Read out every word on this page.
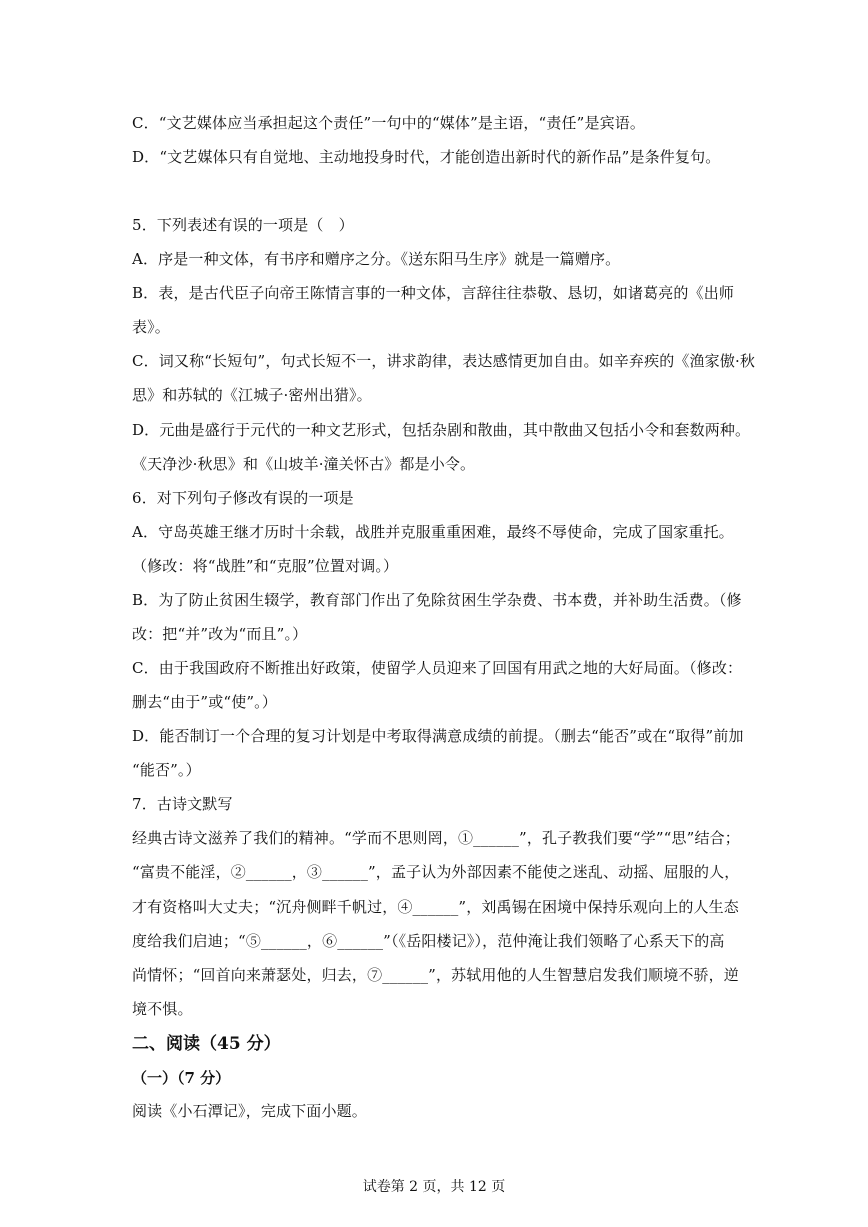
C．“文艺媒体应当承担起这个责任”一句中的“媒体”是主语，“责任”是宾语。
D．“文艺媒体只有自觉地、主动地投身时代，才能创造出新时代的新作品”是条件复句。
5．下列表述有误的一项是（　）
A．序是一种文体，有书序和赠序之分。《送东阳马生序》就是一篇赠序。
B．表，是古代臣子向帝王陈情言事的一种文体，言辞往往恭敬、恳切，如诸葛亮的《出师
表》。
C．词又称“长短句”，句式长短不一，讲求韵律，表达感情更加自由。如辛弃疾的《渔家傲·秋
思》和苏轼的《江城子·密州出猎》。
D．元曲是盛行于元代的一种文艺形式，包括杂剧和散曲，其中散曲又包括小令和套数两种。
《天净沙·秋思》和《山坡羊·潼关怀古》都是小令。
6．对下列句子修改有误的一项是
A．守岛英雄王继才历时十余载，战胜并克服重重困难，最终不辱使命，完成了国家重托。
（修改：将“战胜”和“克服”位置对调。）
B．为了防止贫困生辍学，教育部门作出了免除贫困生学杂费、书本费，并补助生活费。（修
改：把“并”改为“而且”。）
C．由于我国政府不断推出好政策，使留学人员迎来了回国有用武之地的大好局面。（修改：
删去“由于”或“使”。）
D．能否制订一个合理的复习计划是中考取得满意成绩的前提。（删去“能否”或在“取得”前加
“能否”。）
7．古诗文默写
经典古诗文滋养了我们的精神。“学而不思则罔，①______”，孔子教我们要“学”“思”结合；
“富贵不能淫，②______，③______”，孟子认为外部因素不能使之迷乱、动摇、屈服的人，
才有资格叫大丈夫；“沉舟侧畔千帆过，④______”，刘禹锡在困境中保持乐观向上的人生态
度给我们启迪；“⑤______，⑥______”（《岳阳楼记》），范仲淹让我们领略了心系天下的高
尚情怀；“回首向来萧瑟处，归去，⑦______”，苏轼用他的人生智慧启发我们顺境不骄，逆
境不惧。
二、阅读（45 分）
（一）（7 分）
阅读《小石潭记》，完成下面小题。
试卷第 2 页，共 12 页
